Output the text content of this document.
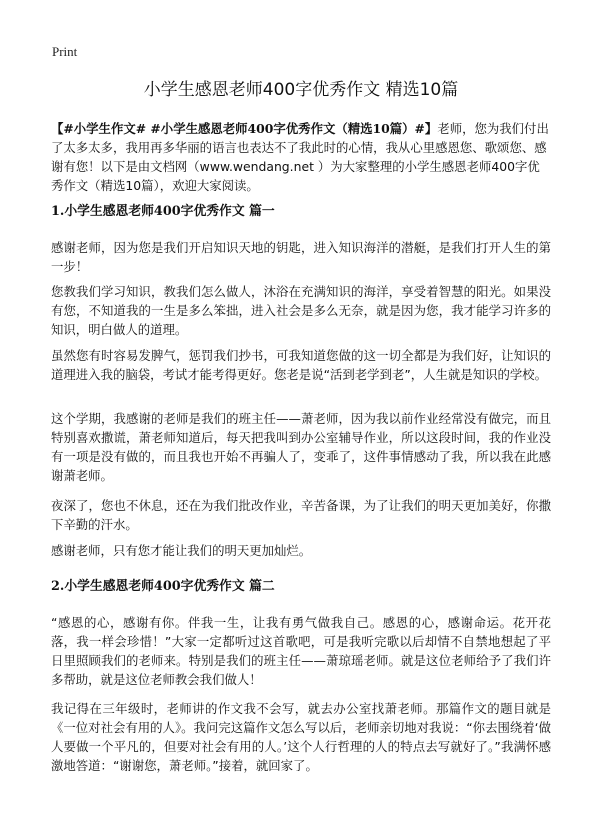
Print
小学生感恩老师400字优秀作文 精选10篇

【#小学生作文# #小学生感恩老师400字优秀作文（精选10篇）#】老师，您为我们付出了太多太多，我用再多华丽的语言也表达不了我此时的心情，我从心里感恩您、歌颂您、感谢有您！以下是由文档网（www.wendang.net ）为大家整理的小学生感恩老师400字优秀作文（精选10篇），欢迎大家阅读。

1.小学生感恩老师400字优秀作文 篇一

感谢老师，因为您是我们开启知识天地的钥匙，进入知识海洋的潜艇，是我们打开人生的第一步！

您教我们学习知识，教我们怎么做人，沐浴在充满知识的海洋，享受着智慧的阳光。如果没有您，不知道我的一生是多么笨拙，进入社会是多么无奈，就是因为您，我才能学习许多的知识，明白做人的道理。

虽然您有时容易发脾气，惩罚我们抄书，可我知道您做的这一切全都是为我们好，让知识的道理进入我的脑袋，考试才能考得更好。您老是说“活到老学到老”，人生就是知识的学校。

这个学期，我感谢的老师是我们的班主任——萧老师，因为我以前作业经常没有做完，而且特别喜欢撒谎，萧老师知道后，每天把我叫到办公室辅导作业，所以这段时间，我的作业没有一项是没有做的，而且我也开始不再骗人了，变乖了，这件事情感动了我，所以我在此感谢萧老师。

夜深了，您也不休息，还在为我们批改作业，辛苦备课，为了让我们的明天更加美好，你撒下辛勤的汗水。

感谢老师，只有您才能让我们的明天更加灿烂。

2.小学生感恩老师400字优秀作文 篇二

“感恩的心，感谢有你。伴我一生，让我有勇气做我自己。感恩的心，感谢命运。花开花落，我一样会珍惜！”大家一定都听过这首歌吧，可是我听完歌以后却情不自禁地想起了平日里照顾我们的老师来。特别是我们的班主任——萧琼瑶老师。就是这位老师给予了我们许多帮助，就是这位老师教会我们做人！

我记得在三年级时，老师讲的作文我不会写，就去办公室找萧老师。那篇作文的题目就是《一位对社会有用的人》。我问完这篇作文怎么写以后，老师亲切地对我说：“你去围绕着‘做人要做一个平凡的，但要对社会有用的人。’这个人行哲理的人的特点去写就好了。”我满怀感激地答道：“谢谢您，萧老师。”接着，就回家了。
